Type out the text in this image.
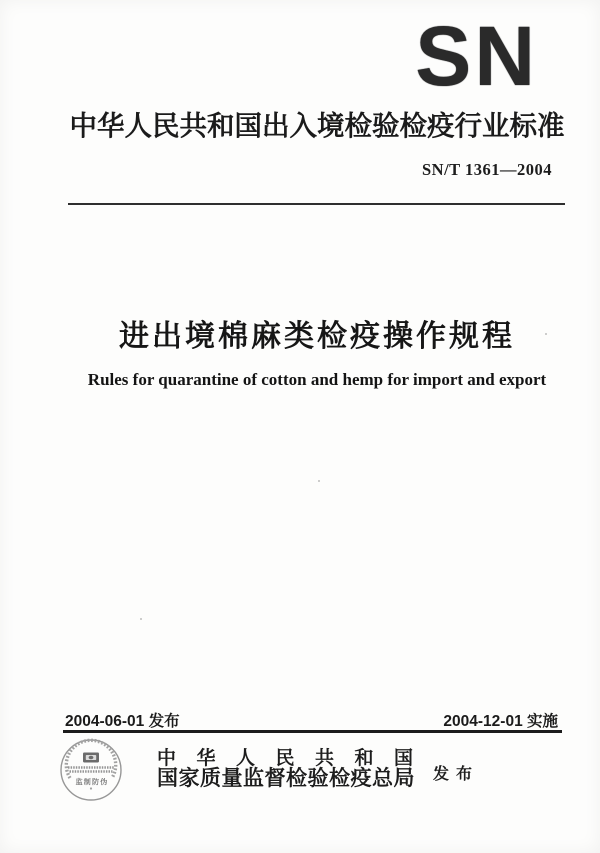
SN
中华人民共和国出入境检验检疫行业标准
SN/T 1361—2004
进出境棉麻类检疫操作规程
Rules for quarantine of cotton and hemp for import and export
2004-06-01 发布	2004-12-01 实施
监制防伪
中华人民共和国
国家质量监督检验检疫总局	发布
